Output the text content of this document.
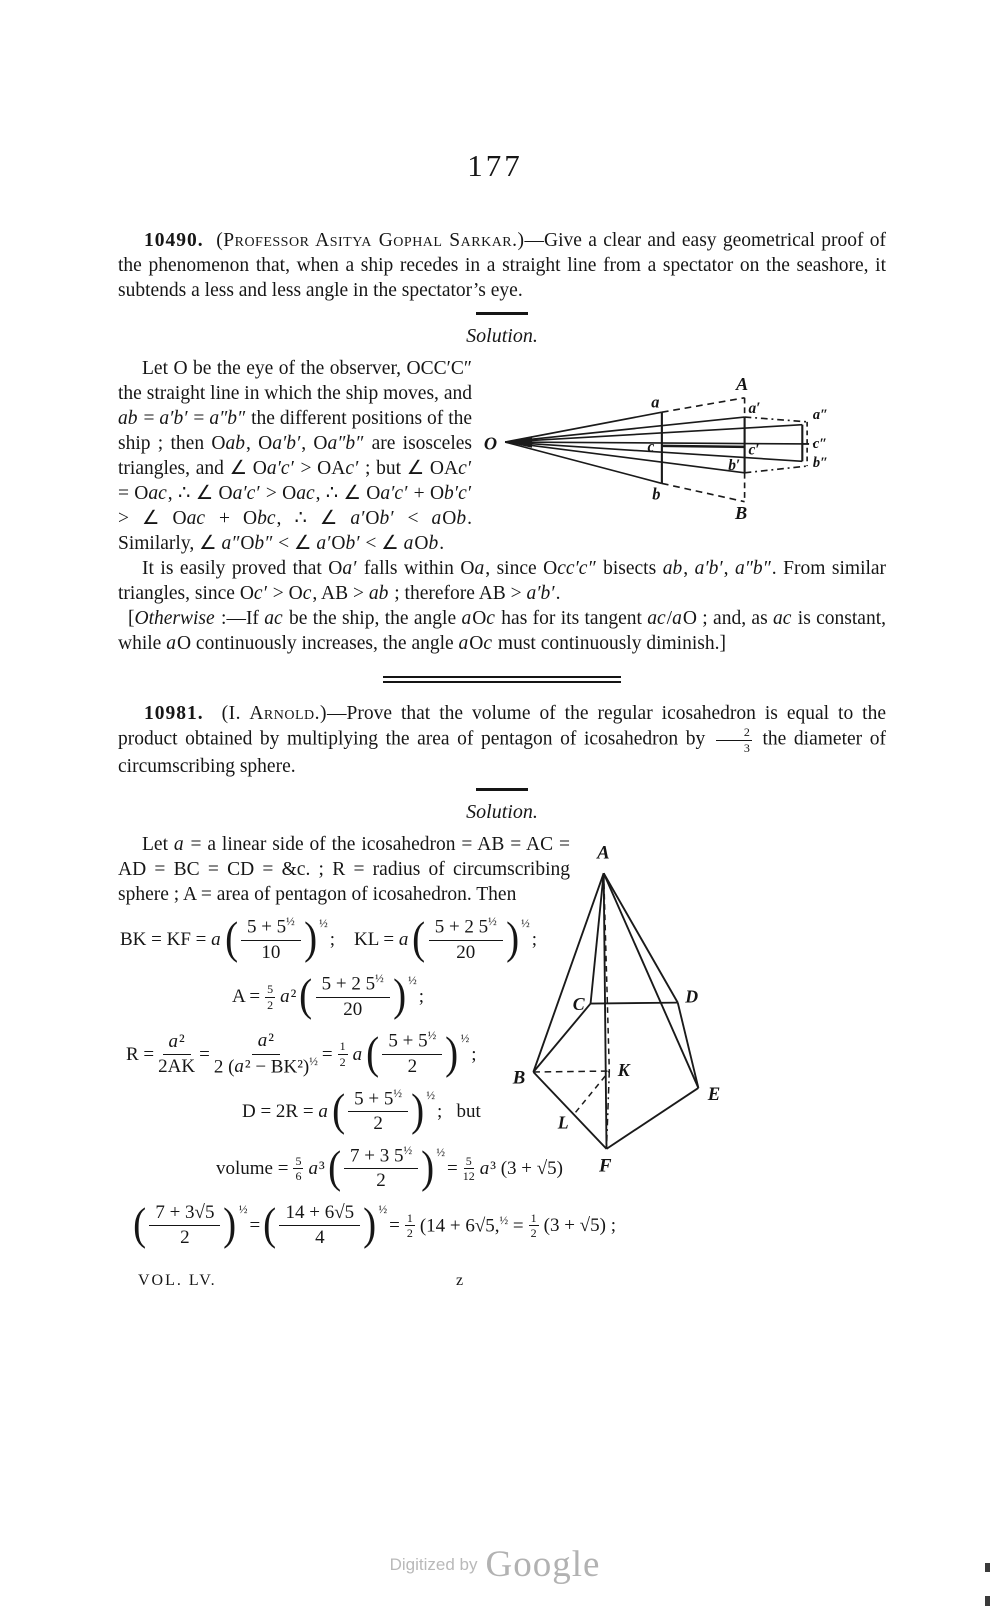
177

10490. (Professor Asitya Gophal Sarkar.)—Give a clear and easy geometrical proof of the phenomenon that, when a ship recedes in a straight line from a spectator on the seashore, it subtends a less and less angle in the spectator’s eye.

Solution.
O
a
b
c
a′
b′
c′
a″
b″
c″
A
B

Let O be the eye of the observer, OCC′C″ the straight line in which the ship moves, and ab = a′b′ = a″b″ the different positions of the ship ; then Oab, Oa′b′, Oa″b″ are isosceles triangles, and ∠ Oa′c′ > OAc′ ; but ∠ OAc′ = Oac, ∴ ∠ Oa′c′ > Oac, ∴ ∠ Oa′c′ + Ob′c′ > ∠ Oac + Obc, ∴ ∠ a′Ob′ < aOb. Similarly, ∠ a″Ob″ < ∠ a′Ob′ < ∠ aOb.

It is easily proved that Oa′ falls within Oa, since Occ′c″ bisects ab, a′b′, a″b″. From similar triangles, since Oc′ > Oc, AB > ab ; therefore AB > a′b′.

[Otherwise :—If ac be the ship, the angle aOc has for its tangent ac/aO ; and, as ac is constant, while aO continuously increases, the angle aOc must continuously diminish.]

10981. (I. Arnold.)—Prove that the volume of the regular icosahedron is equal to the product obtained by multiplying the area of pentagon of icosahedron by $\frac{2}{3}$ the diameter of circumscribing sphere.

Solution.
A
C	D
B	K
E
L
F

Let a = a linear side of the icosahedron = AB = AC = AD = BC = CD = &c. ; R = radius of circumscribing sphere ; A = area of pentagon of icosahedron. Then

BK = KF = a ( $\frac{5 + 5^{\frac{1}{2}}}{10} )^{\frac{1}{2}}$
;    KL = a ( $\frac{5 + 2 5^{\frac{1}{2}}}{20} )^{\frac{1}{2}}$
;
$A = \frac{5}{2} a^2$ ( $\frac{5 + 2 5^{\frac{1}{2}}}{20} )^{\frac{1}{2}}$
;
$R = \frac{\text{a²}}{2AK} = \frac{\text{a²}}{2 (a^2 - BK^2)^{\frac{1}{2}}} = \frac{1}{2}$ a ( $\frac{5 + 5^{\frac{1}{2}}}{2} )^{\frac{1}{2}}$
;
D = 2R = a ( $\frac{5 + 5^{\frac{1}{2}}}{2} )^{\frac{1}{2}}$
;   but
volume = $\frac{5}{6} a^3$ ( $\frac{7 + 3 5^{\frac{1}{2}}}{2} )^{\frac{1}{2}}$
= $\frac{5}{12} a^3$ (3 + √5)
( $\frac{7 + 3√5}{2} )^{\frac{1}{2}}$
= ( $\frac{14 + 6√5}{4} )^{\frac{1}{2}}$
= $\frac{1}{2} (14 + 6√5,^{\frac{1}{2}} = \frac{1}{2} (3 + √5)$ ;
VOL. LV.	z
Digitized by Google
